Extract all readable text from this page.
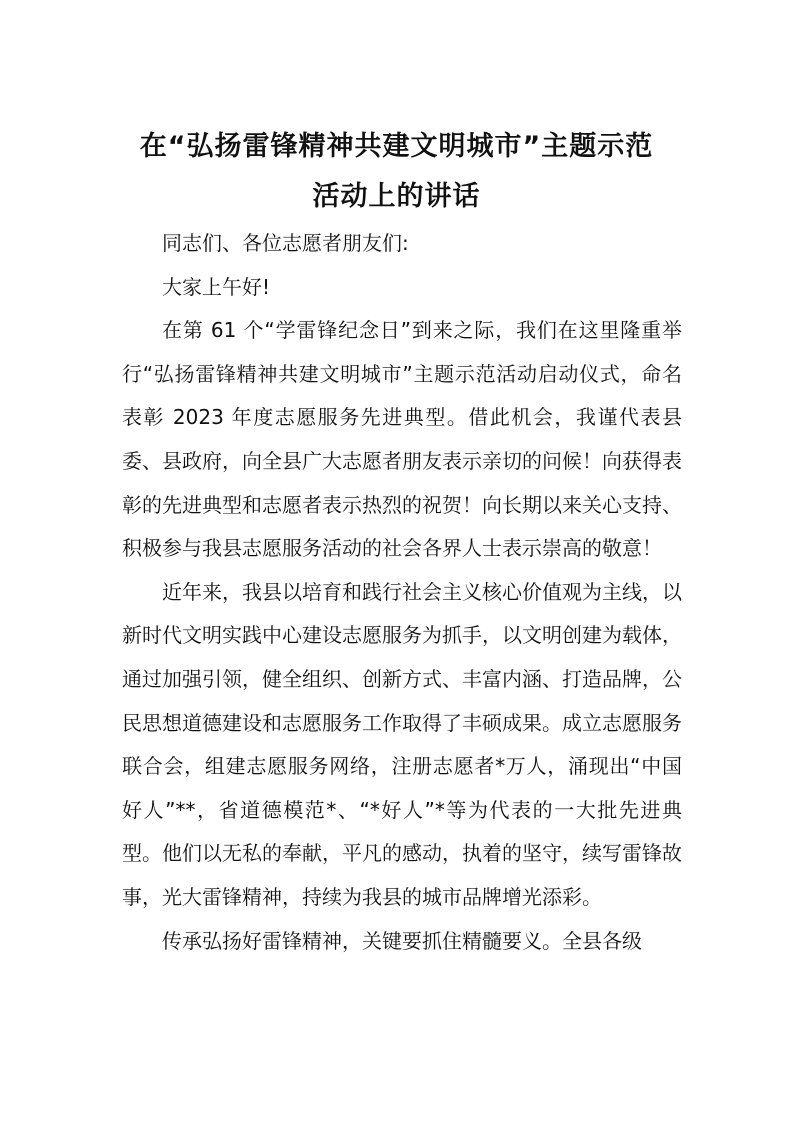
在“弘扬雷锋精神共建文明城市”主题示范
活动上的讲话

同志们、各位志愿者朋友们:

大家上午好!

在第 61 个“学雷锋纪念日”到来之际，我们在这里隆重举行“弘扬雷锋精神共建文明城市”主题示范活动启动仪式，命名表彰 2023 年度志愿服务先进典型。借此机会，我谨代表县委、县政府，向全县广大志愿者朋友表示亲切的问候！向获得表彰的先进典型和志愿者表示热烈的祝贺！向长期以来关心支持、积极参与我县志愿服务活动的社会各界人士表示崇高的敬意！

近年来，我县以培育和践行社会主义核心价值观为主线，以新时代文明实践中心建设志愿服务为抓手，以文明创建为载体，通过加强引领，健全组织、创新方式、丰富内涵、打造品牌，公民思想道德建设和志愿服务工作取得了丰硕成果。成立志愿服务联合会，组建志愿服务网络，注册志愿者*万人，涌现出“中国好人”**，省道德模范*、“*好人”*等为代表的一大批先进典型。他们以无私的奉献，平凡的感动，执着的坚守，续写雷锋故事，光大雷锋精神，持续为我县的城市品牌增光添彩。

传承弘扬好雷锋精神，关键要抓住精髓要义。全县各级
